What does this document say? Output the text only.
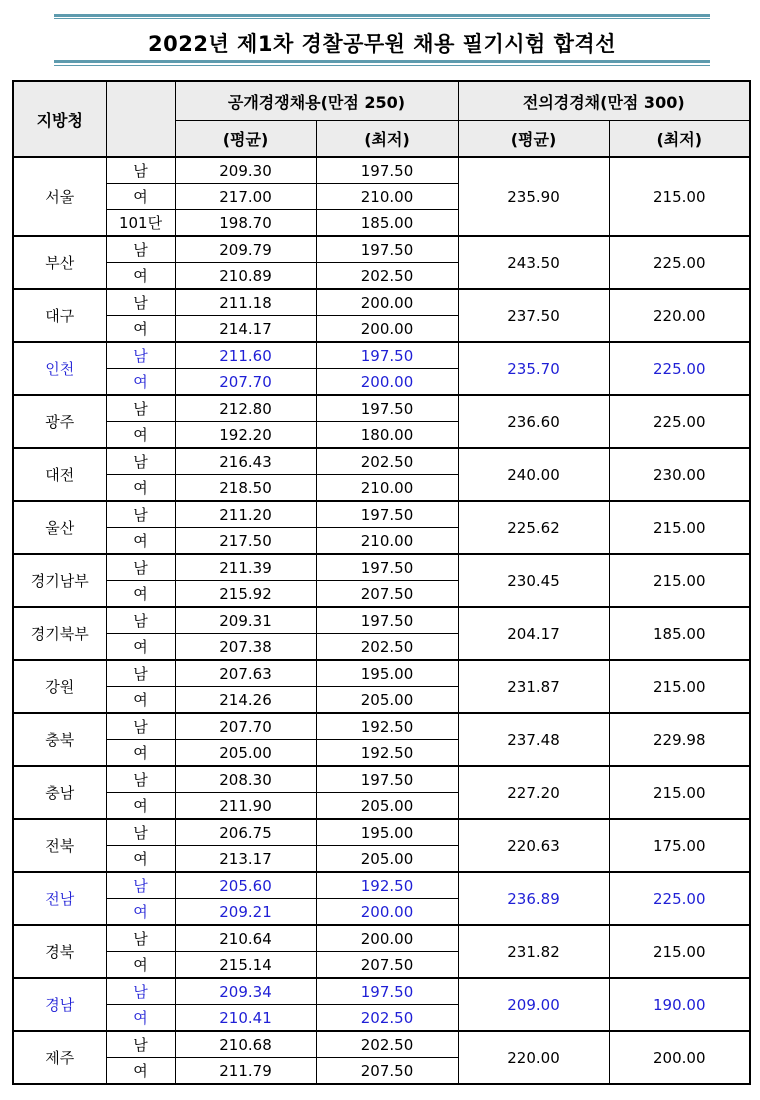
2022년 제1차 경찰공무원 채용 필기시험 합격선
지방청		공개경쟁채용(만점 250)		전의경경채(만점 300)	
		(평균)	(최저)	(평균)	(최저)
서울	남	209.30	197.50	235.90	215.00
	여	217.00	210.00		
	101단	198.70	185.00		
부산	남	209.79	197.50	243.50	225.00
	여	210.89	202.50		
대구	남	211.18	200.00	237.50	220.00
	여	214.17	200.00		
인천	남	211.60	197.50	235.70	225.00
	여	207.70	200.00		
광주	남	212.80	197.50	236.60	225.00
	여	192.20	180.00		
대전	남	216.43	202.50	240.00	230.00
	여	218.50	210.00		
울산	남	211.20	197.50	225.62	215.00
	여	217.50	210.00		
경기남부	남	211.39	197.50	230.45	215.00
	여	215.92	207.50		
경기북부	남	209.31	197.50	204.17	185.00
	여	207.38	202.50		
강원	남	207.63	195.00	231.87	215.00
	여	214.26	205.00		
충북	남	207.70	192.50	237.48	229.98
	여	205.00	192.50		
충남	남	208.30	197.50	227.20	215.00
	여	211.90	205.00		
전북	남	206.75	195.00	220.63	175.00
	여	213.17	205.00		
전남	남	205.60	192.50	236.89	225.00
	여	209.21	200.00		
경북	남	210.64	200.00	231.82	215.00
	여	215.14	207.50		
경남	남	209.34	197.50	209.00	190.00
	여	210.41	202.50		
제주	남	210.68	202.50	220.00	200.00
	여	211.79	207.50		
